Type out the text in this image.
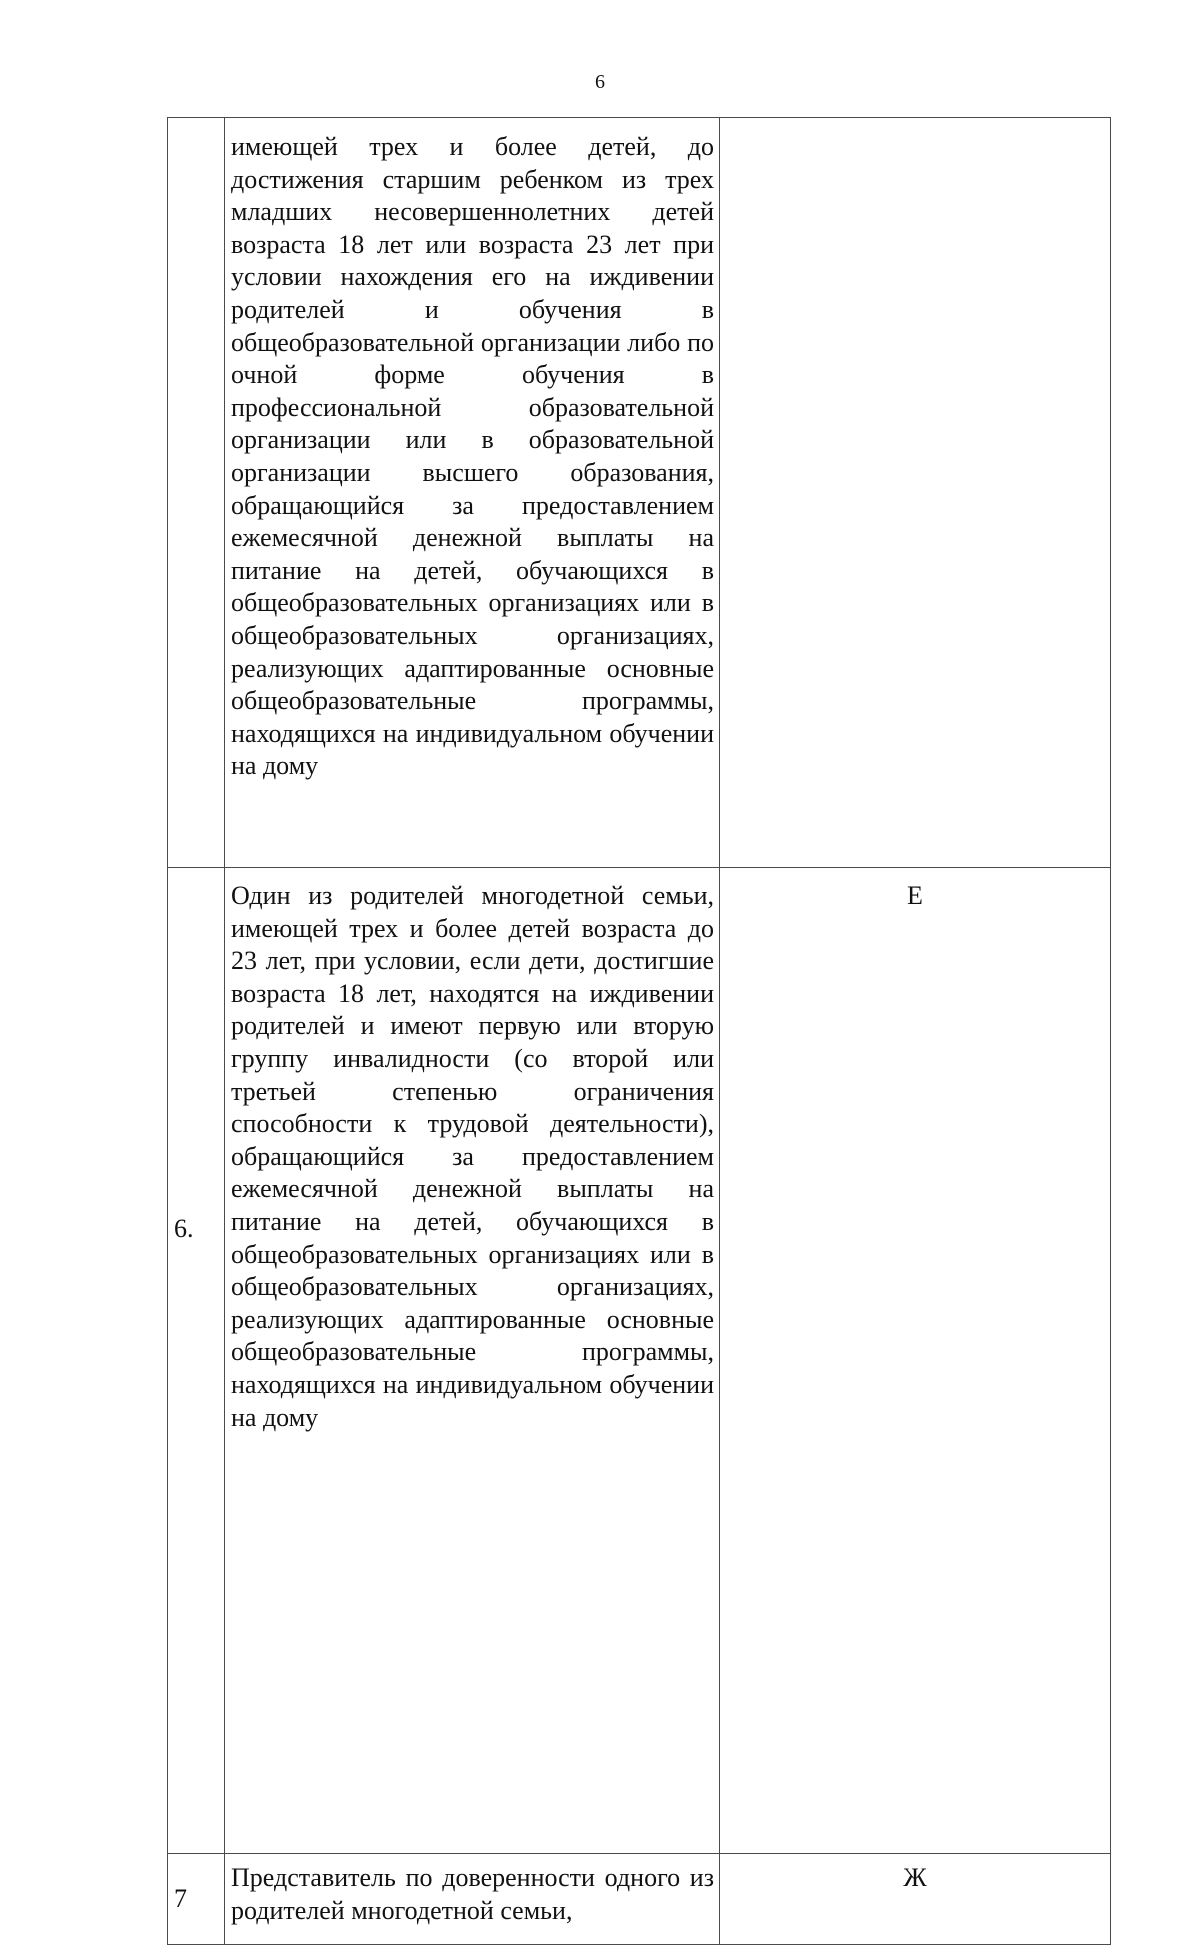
6

	имеющей трех и более детей, до достижения старшим ребенком из трех младших несовершеннолетних детей возраста 18 лет или возраста 23 лет при условии нахождения его на иждивении родителей и обучения в общеобразовательной организации либо по очной форме обучения в профессиональной образовательной организации или в образовательной организации высшего образования, обращающийся за предоставлением ежемесячной денежной выплаты на питание на детей, обучающихся в общеобразовательных организациях или в общеобразовательных организациях, реализующих адаптированные основные общеобразовательные программы, находящихся на индивидуальном обучении на дому	

6.	Один из родителей многодетной семьи, имеющей трех и более детей возраста до 23 лет, при условии, если дети, достигшие возраста 18 лет, находятся на иждивении родителей и имеют первую или вторую группу инвалидности (со второй или третьей степенью ограничения способности к трудовой деятельности), обращающийся за предоставлением ежемесячной денежной выплаты на питание на детей, обучающихся в общеобразовательных организациях или в общеобразовательных организациях, реализующих адаптированные основные общеобразовательные программы, находящихся на индивидуальном обучении на дому	Е
7	Представитель по доверенности одного из родителей многодетной семьи,	Ж
